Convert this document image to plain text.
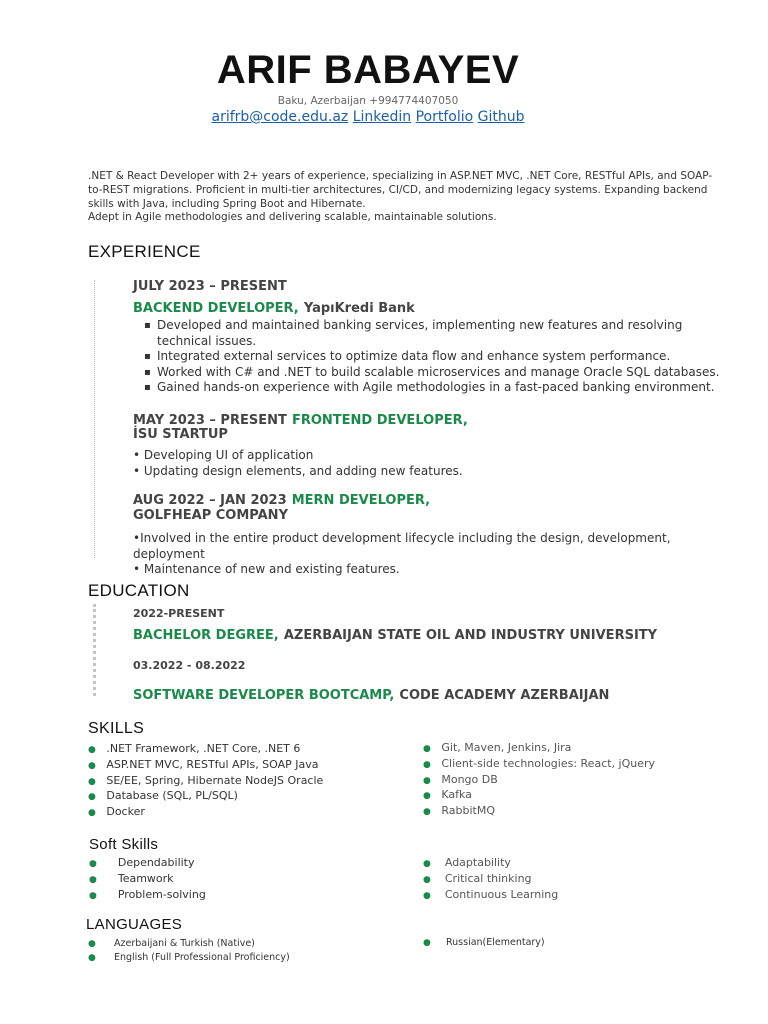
ARIF BABAYEV
Baku, Azerbaijan +994774407050
arifrb@code.edu.az Linkedin Portfolio Github

.NET & React Developer with 2+ years of experience, specializing in ASP.NET MVC, .NET Core, RESTful APIs, and SOAP-to-REST migrations. Proficient in multi-tier architectures, CI/CD, and modernizing legacy systems. Expanding backend skills with Java, including Spring Boot and Hibernate.

Adept in Agile methodologies and delivering scalable, maintainable solutions.

EXPERIENCE
JULY 2023 – PRESENT
BACKEND DEVELOPER, YapıKredi Bank
▪ Developed and maintained banking services, implementing new features and resolving technical issues.
▪ Integrated external services to optimize data flow and enhance system performance.
▪ Worked with C# and .NET to build scalable microservices and manage Oracle SQL databases.
▪ Gained hands-on experience with Agile methodologies in a fast-paced banking environment.
MAY 2023 – PRESENT FRONTEND DEVELOPER,
İSU STARTUP
• Developing UI of application
• Updating design elements, and adding new features.
AUG 2022 – JAN 2023 MERN DEVELOPER,
GOLFHEAP COMPANY
•Involved in the entire product development lifecycle including the design, development, deployment
• Maintenance of new and existing features.
EDUCATION
2022-PRESENT
BACHELOR DEGREE, AZERBAIJAN STATE OIL AND INDUSTRY UNIVERSITY
03.2022 - 08.2022
SOFTWARE DEVELOPER BOOTCAMP, CODE ACADEMY AZERBAIJAN
SKILLS
● .NET Framework, .NET Core, .NET 6
● ASP.NET MVC, RESTful APIs, SOAP Java
● SE/EE, Spring, Hibernate NodeJS Oracle
● Database (SQL, PL/SQL)
● Docker
● Git, Maven, Jenkins, Jira
● Client-side technologies: React, jQuery
● Mongo DB
● Kafka
● RabbitMQ
Soft Skills
● Dependability
● Teamwork
● Problem-solving
● Adaptability
● Critical thinking
● Continuous Learning
LANGUAGES
● Azerbaijani & Turkish (Native)
● English (Full Professional Proficiency)
● Russian(Elementary)
